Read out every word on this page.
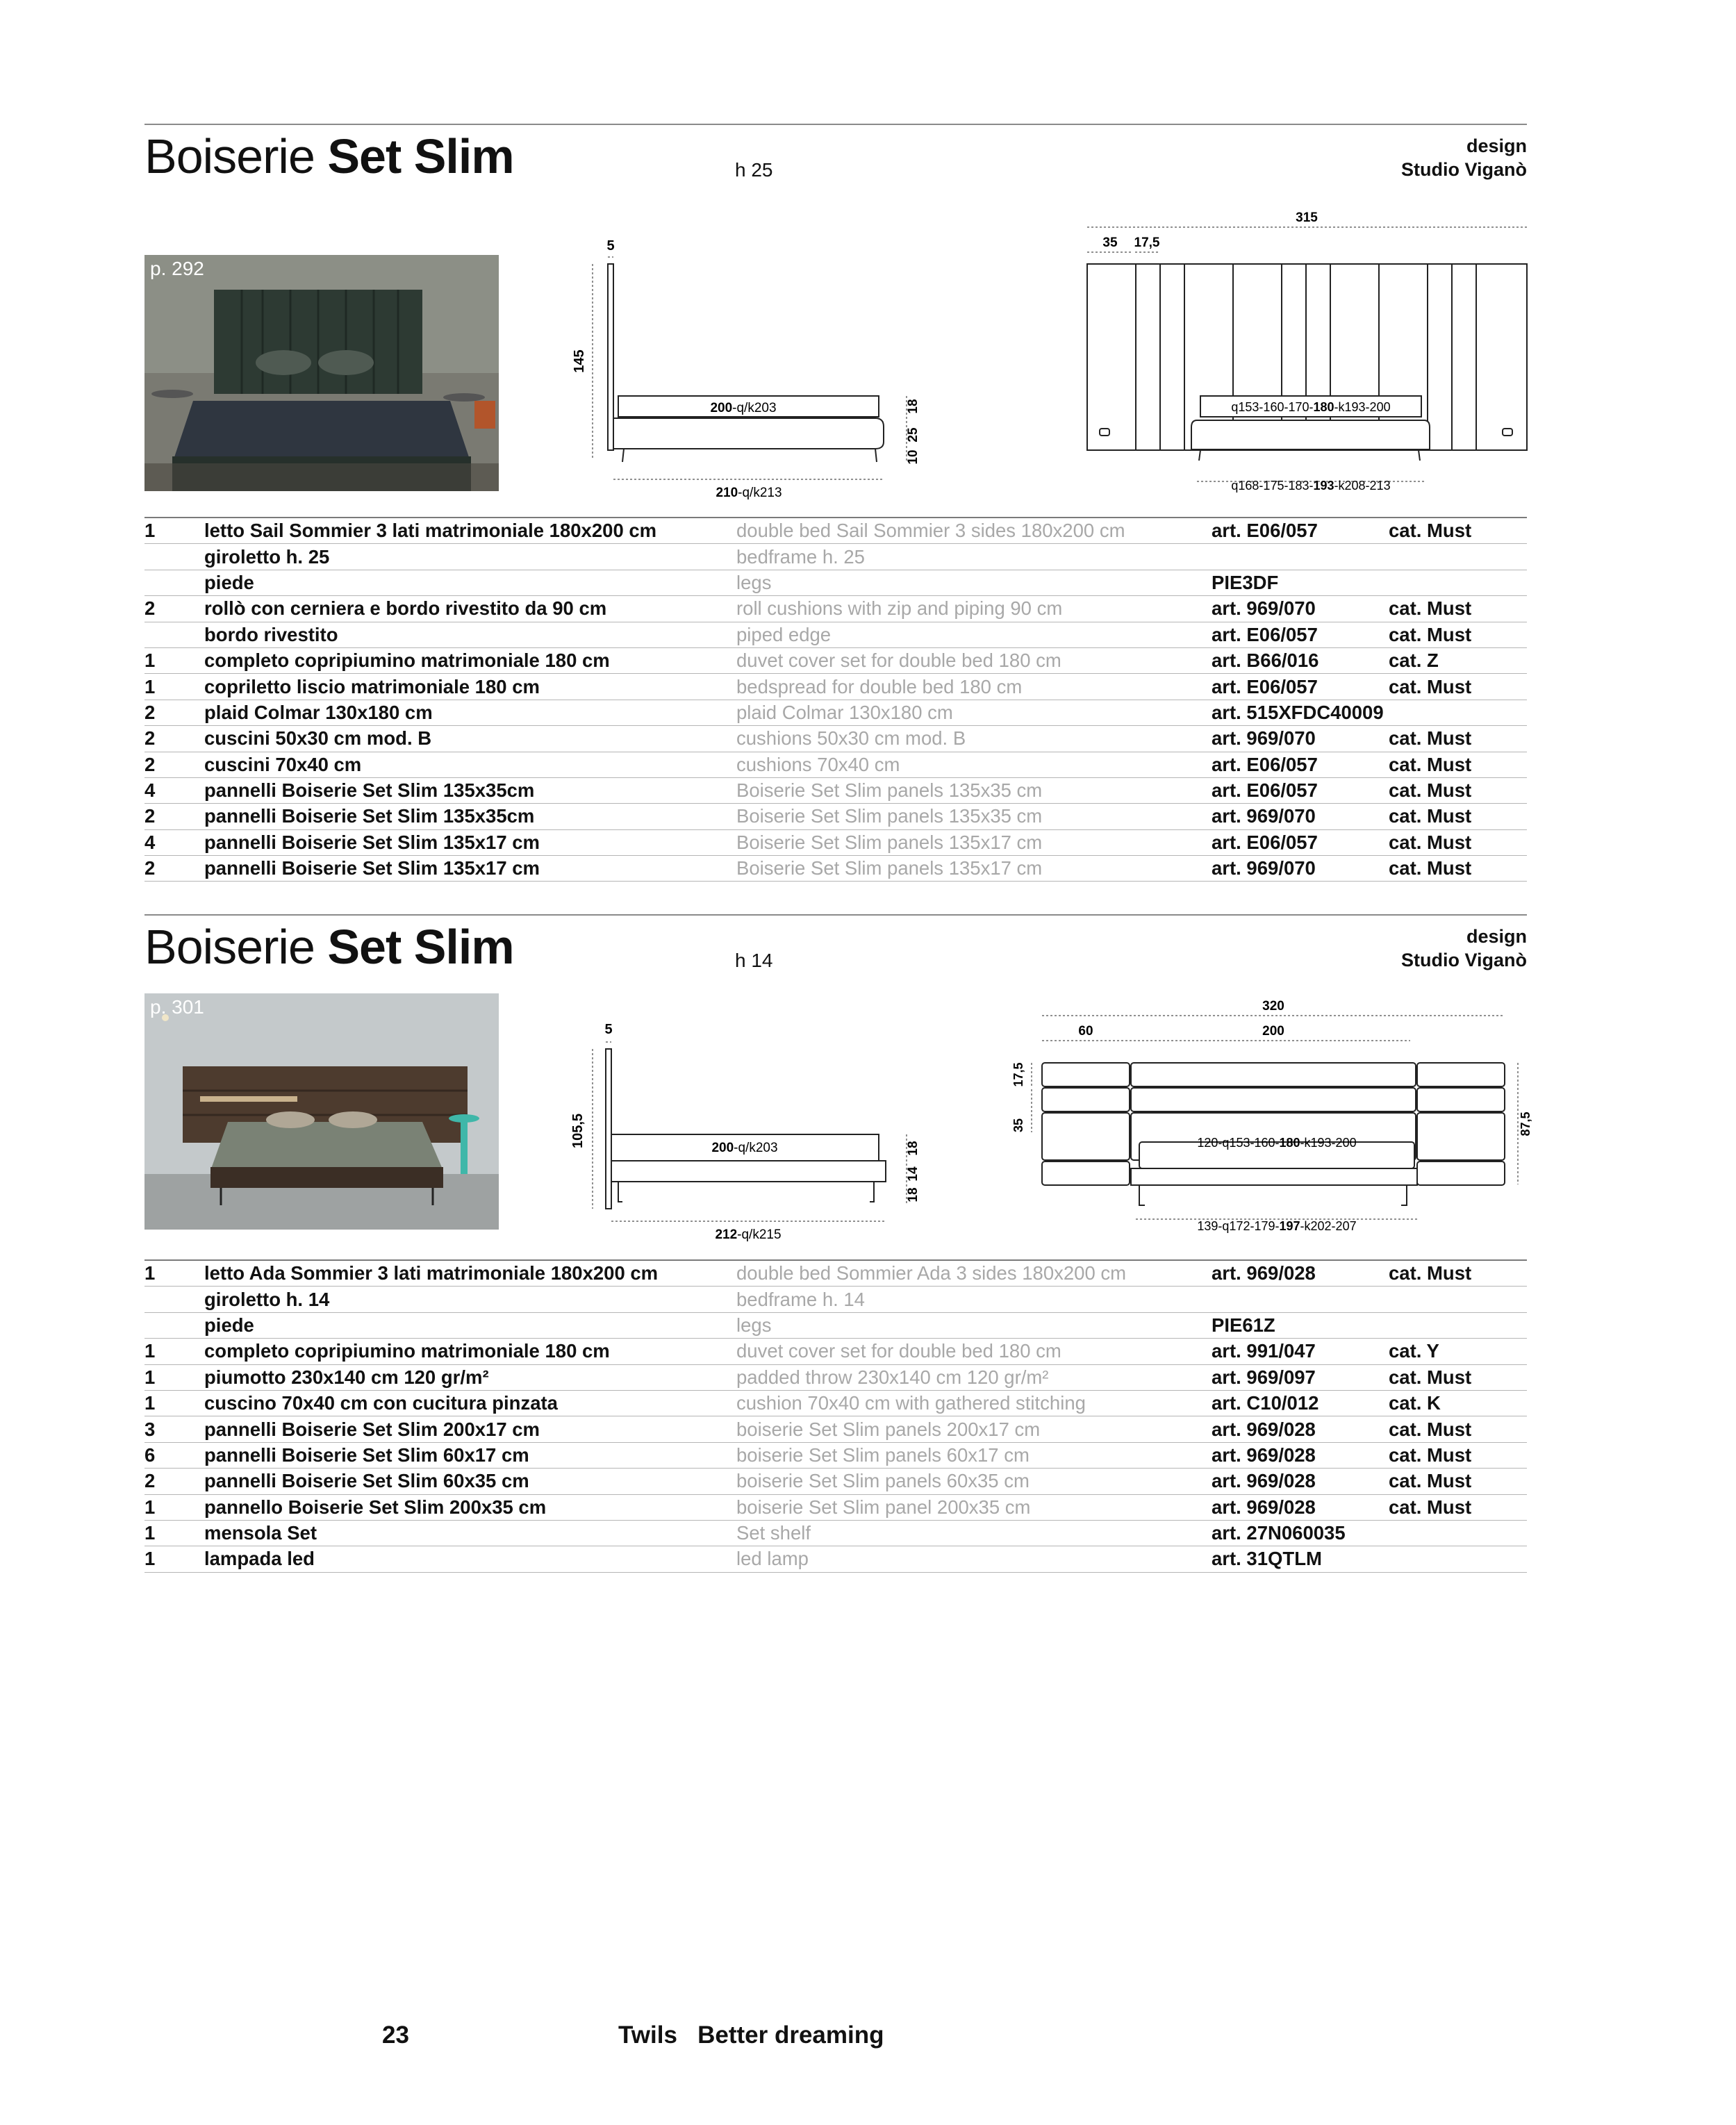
Boiserie Set Slim	h 25
design
Studio Viganò
p. 292
5
145
200-q/k203	18
25
10
210-q/k213
315
35 17,5
q153-160-170-180-k193-200
q168-175-183-193-k208-213
1	letto Sail Sommier 3 lati matrimoniale 180x200 cm	double bed Sail Sommier 3 sides 180x200 cm	art. E06/057	cat. Must
	giroletto h. 25	bedframe h. 25		
	piede	legs	PIE3DF	
2	rollò con cerniera e bordo rivestito da 90 cm	roll cushions with zip and piping 90 cm	art. 969/070	cat. Must
	bordo rivestito	piped edge	art. E06/057	cat. Must
1	completo copripiumino matrimoniale 180 cm	duvet cover set for double bed 180 cm	art. B66/016	cat. Z
1	copriletto liscio matrimoniale 180 cm	bedspread for double bed 180 cm	art. E06/057	cat. Must
2	plaid Colmar 130x180 cm	plaid Colmar 130x180 cm	art. 515XFDC40009	
2	cuscini 50x30 cm mod. B	cushions 50x30 cm mod. B	art. 969/070	cat. Must
2	cuscini 70x40 cm	cushions 70x40 cm	art. E06/057	cat. Must
4	pannelli Boiserie Set Slim 135x35cm	Boiserie Set Slim panels 135x35 cm	art. E06/057	cat. Must
2	pannelli Boiserie Set Slim 135x35cm	Boiserie Set Slim panels 135x35 cm	art. 969/070	cat. Must
4	pannelli Boiserie Set Slim 135x17 cm	Boiserie Set Slim panels 135x17 cm	art. E06/057	cat. Must
2	pannelli Boiserie Set Slim 135x17 cm	Boiserie Set Slim panels 135x17 cm	art. 969/070	cat. Must
Boiserie Set Slim	h 14
design
Studio Viganò
p. 301
5
105,5	200-q/k203	18
14
18
212-q/k215
320
60	200
17,5
35	87,5
120-q153-160-180-k193-200
139-q172-179-197-k202-207
1	letto Ada Sommier 3 lati matrimoniale 180x200 cm	double bed Sommier Ada 3 sides 180x200 cm	art. 969/028	cat. Must
	giroletto h. 14	bedframe h. 14		
	piede	legs	PIE61Z	
1	completo copripiumino matrimoniale 180 cm	duvet cover set for double bed 180 cm	art. 991/047	cat. Y
1	piumotto 230x140 cm 120 gr/m²	padded throw 230x140 cm 120 gr/m²	art. 969/097	cat. Must
1	cuscino 70x40 cm con cucitura pinzata	cushion 70x40 cm with gathered stitching	art. C10/012	cat. K
3	pannelli Boiserie Set Slim 200x17 cm	boiserie Set Slim panels 200x17 cm	art. 969/028	cat. Must
6	pannelli Boiserie Set Slim 60x17 cm	boiserie Set Slim panels 60x17 cm	art. 969/028	cat. Must
2	pannelli Boiserie Set Slim 60x35 cm	boiserie Set Slim panels 60x35 cm	art. 969/028	cat. Must
1	pannello Boiserie Set Slim 200x35 cm	boiserie Set Slim panel 200x35 cm	art. 969/028	cat. Must
1	mensola Set	Set shelf	art. 27N060035	
1	lampada led	led lamp	art. 31QTLM	
23	Twils Better dreaming
